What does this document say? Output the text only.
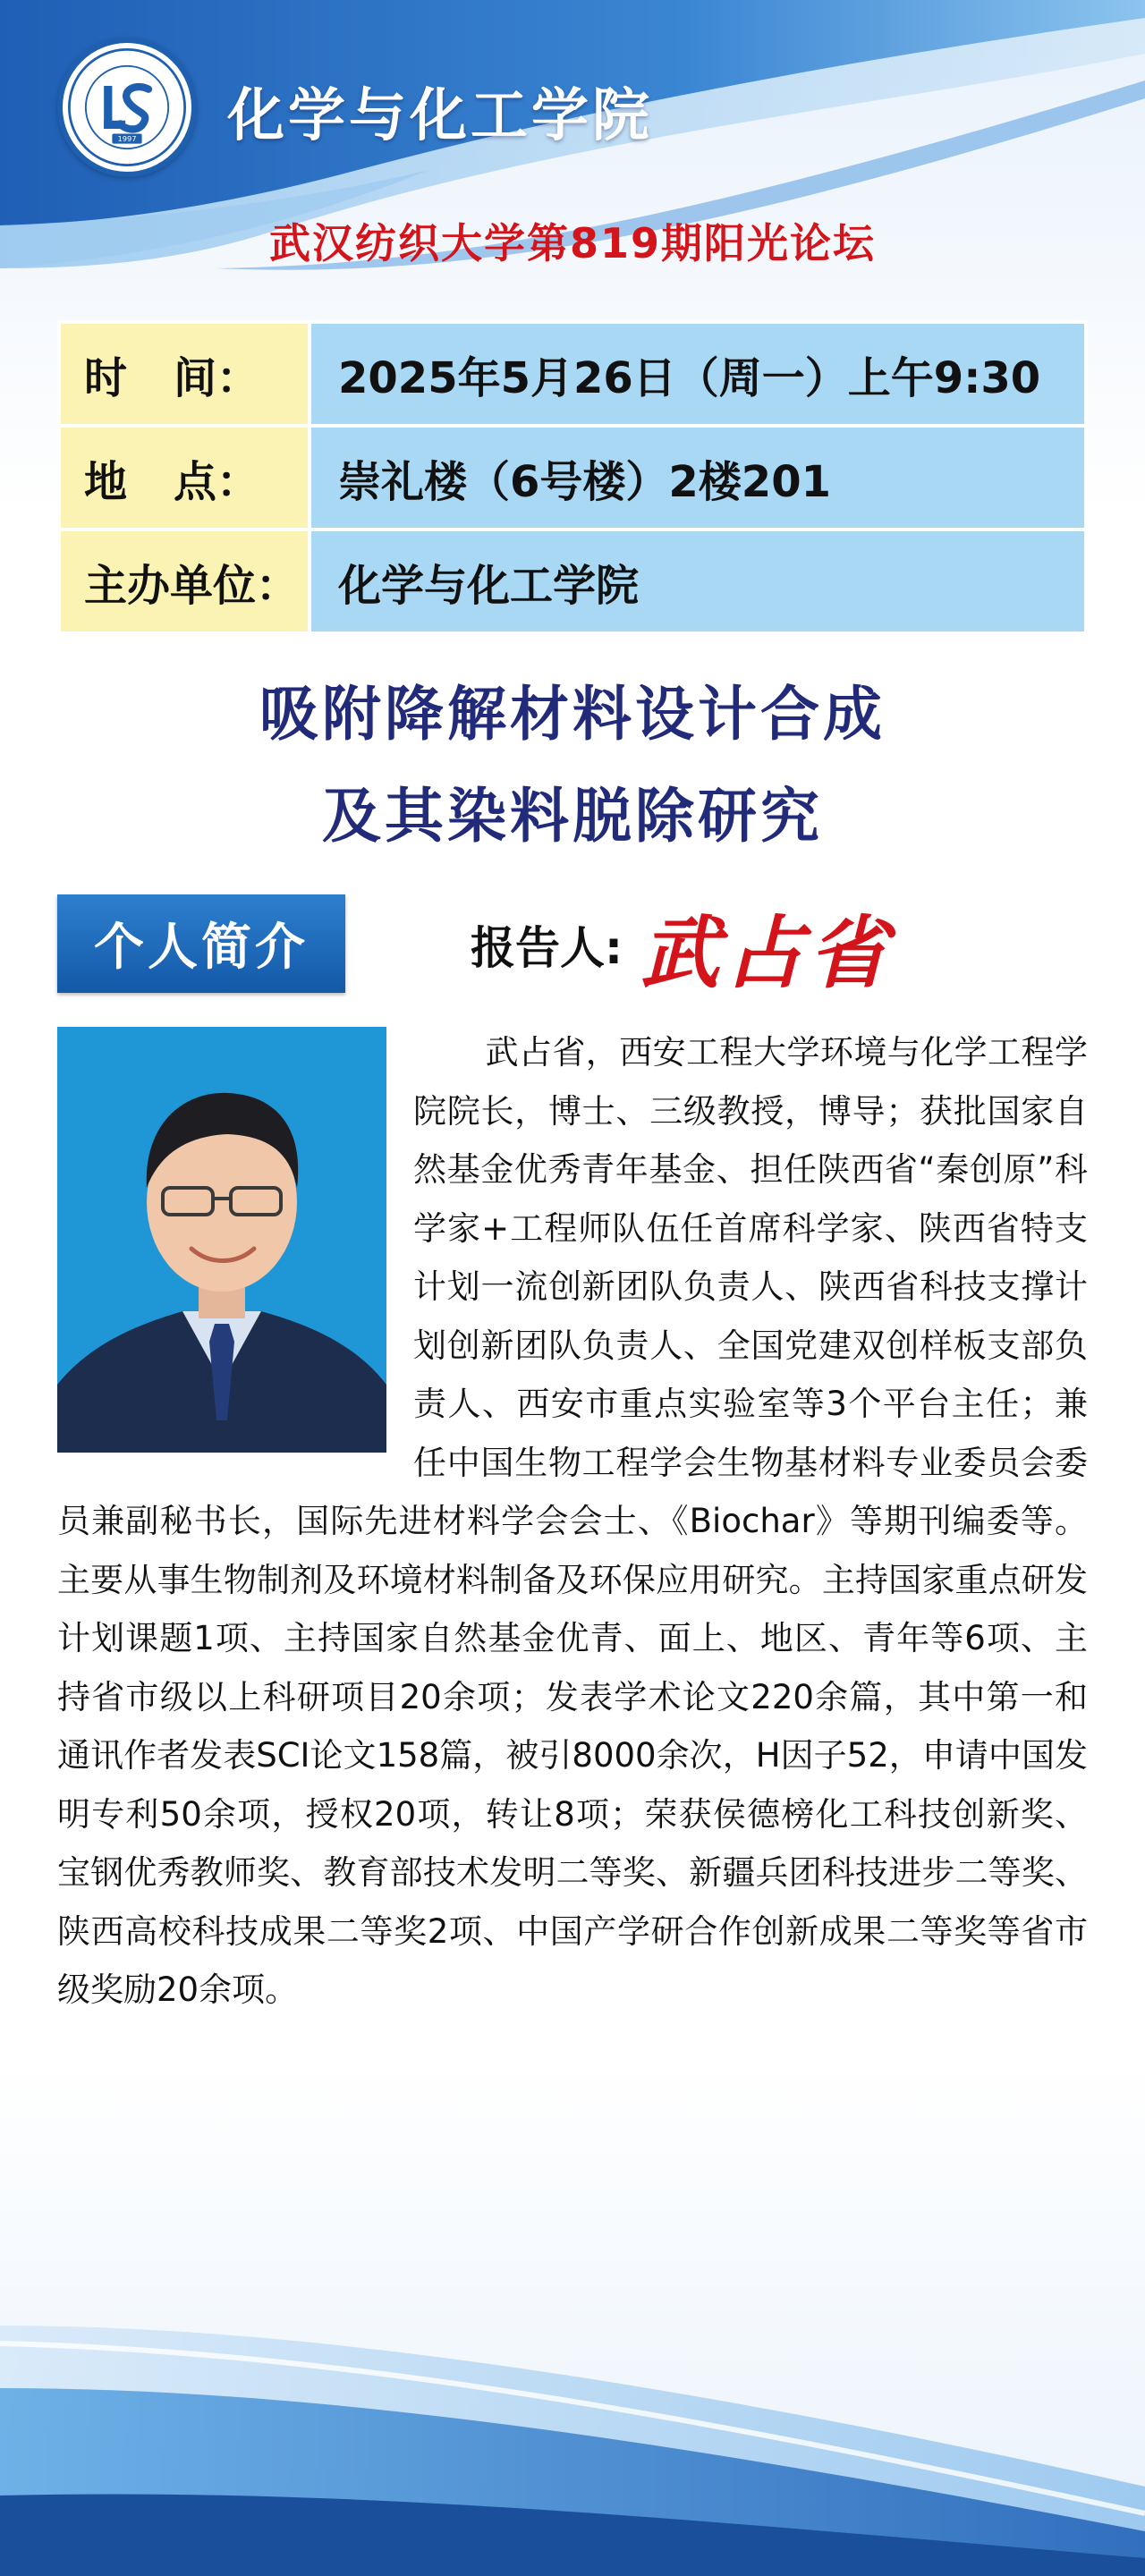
1997 化学与化工学院
武汉纺织大学第819期阳光论坛
时 间：	2025年5月26日（周一）上午9:30
地 点：	崇礼楼（6号楼）2楼201
主办单位： 化学与化工学院
吸附降解材料设计合成
及其染料脱除研究
个人简介	报告人: 武占省

武占省，西安工程大学环境与化学工程学院院长，博士、三级教授，博导；获批国家自然基金优秀青年基金、担任陕西省“秦创原”科学家+工程师队伍任首席科学家、陕西省特支计划一流创新团队负责人、陕西省科技支撑计划创新团队负责人、全国党建双创样板支部负责人、西安市重点实验室等3个平台主任；兼任中国生物工程学会生物基材料专业委员会委员兼副秘书长，国际先进材料学会会士、《Biochar》等期刊编委等。主要从事生物制剂及环境材料制备及环保应用研究。主持国家重点研发计划课题1项、主持国家自然基金优青、面上、地区、青年等6项、主持省市级以上科研项目20余项；发表学术论文220余篇，其中第一和通讯作者发表SCI论文158篇，被引8000余次，H因子52，申请中国发明专利50余项，授权20项，转让8项；荣获侯德榜化工科技创新奖、宝钢优秀教师奖、教育部技术发明二等奖、新疆兵团科技进步二等奖、陕西高校科技成果二等奖2项、中国产学研合作创新成果二等奖等省市级奖励20余项。
